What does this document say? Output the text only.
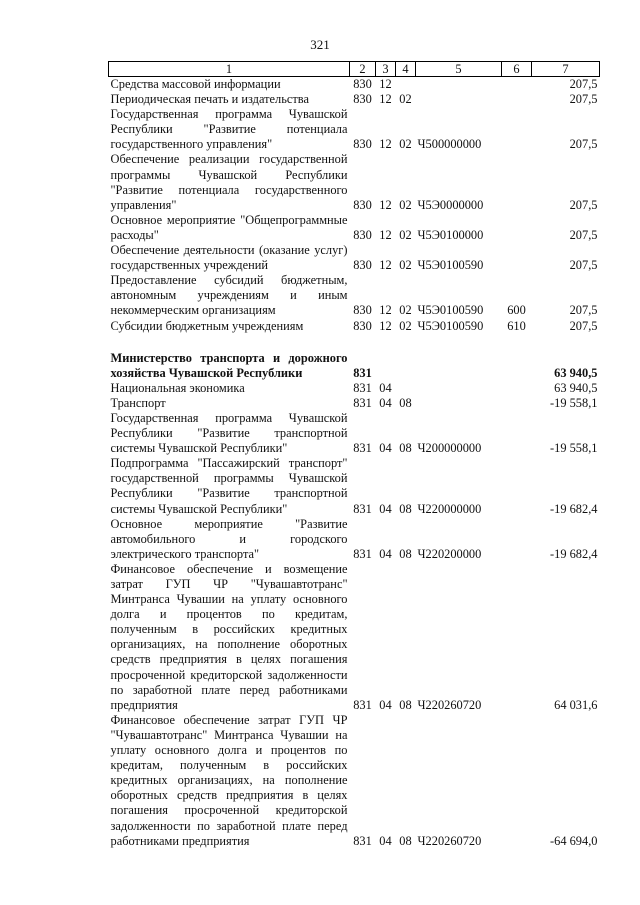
321
1	2	3	4	5	6	7
Средства массовой информации	830	12				207,5
Периодическая печать и издательства	830	12	02			207,5
Государственная программа Чувашской Республики "Развитие потенциала государственного управления"	830	12	02	Ч500000000		207,5
Обеспечение реализации государственной программы Чувашской Республики "Развитие потенциала государственного управления"	830	12	02	Ч5Э0000000		207,5
Основное мероприятие "Общепрограммные расходы"	830	12	02	Ч5Э0100000		207,5
Обеспечение деятельности (оказание услуг) государственных учреждений	830	12	02	Ч5Э0100590		207,5
Предоставление субсидий бюджетным, автономным учреждениям и иным некоммерческим организациям	830	12	02	Ч5Э0100590	600	207,5
Субсидии бюджетным учреждениям	830	12	02	Ч5Э0100590	610	207,5

Министерство транспорта и дорожного хозяйства Чувашской Республики	831					63 940,5
Национальная экономика	831	04				63 940,5
Транспорт	831	04	08			-19 558,1
Государственная программа Чувашской Республики "Развитие транспортной системы Чувашской Республики"	831	04	08	Ч200000000		-19 558,1
Подпрограмма "Пассажирский транспорт" государственной программы Чувашской Республики "Развитие транспортной системы Чувашской Республики"	831	04	08	Ч220000000		-19 682,4
Основное мероприятие "Развитие автомобильного и городского электрического транспорта"	831	04	08	Ч220200000		-19 682,4
Финансовое обеспечение и возмещение затрат ГУП ЧР "Чувашавтотранс" Минтранса Чувашии на уплату основного долга и процентов по кредитам, полученным в российских кредитных организациях, на пополнение оборотных средств предприятия в целях погашения просроченной кредиторской задолженности по заработной плате перед работниками предприятия	831	04	08	Ч220260720		64 031,6
Финансовое обеспечение затрат ГУП ЧР "Чувашавтотранс" Минтранса Чувашии на уплату основного долга и процентов по кредитам, полученным в российских кредитных организациях, на пополнение оборотных средств предприятия в целях погашения просроченной кредиторской задолженности по заработной плате перед работниками предприятия	831	04	08	Ч220260720		-64 694,0
